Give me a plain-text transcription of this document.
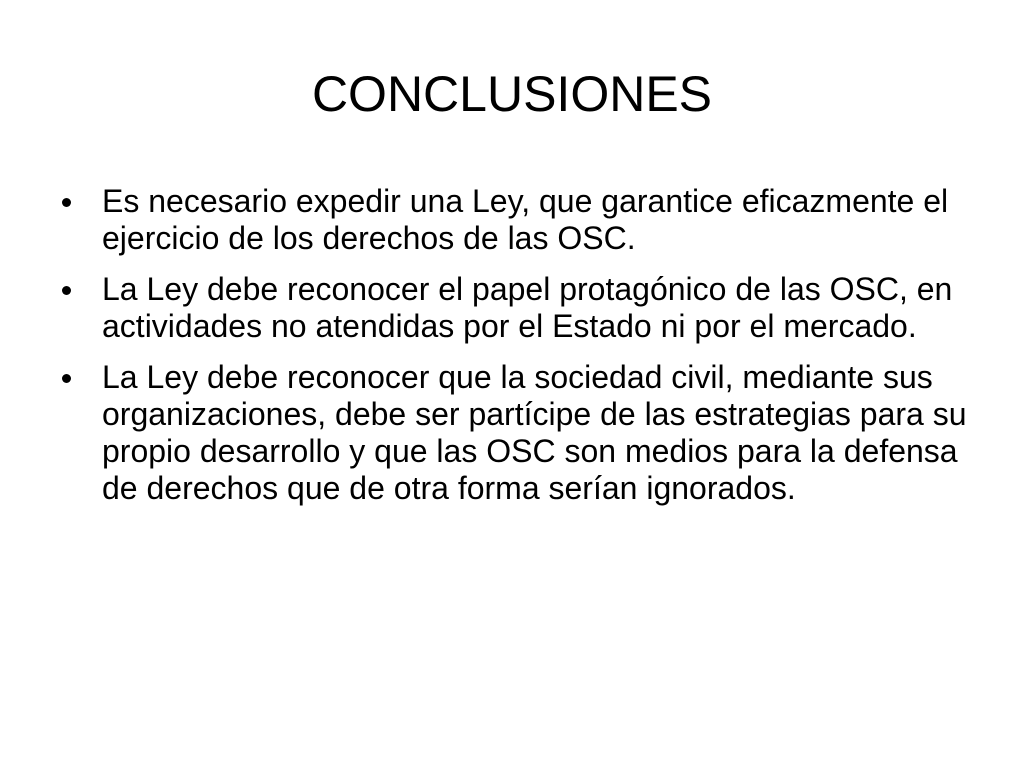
CONCLUSIONES
Es necesario expedir una Ley, que garantice eficazmente el ejercicio de los derechos de las OSC.
La Ley debe reconocer el papel protagónico de las OSC, en actividades no atendidas por el Estado ni por el mercado.
La Ley debe reconocer que la sociedad civil, mediante sus organizaciones, debe ser partícipe de las estrategias para su propio desarrollo y que las OSC son medios para la defensa de derechos que de otra forma serían ignorados.
